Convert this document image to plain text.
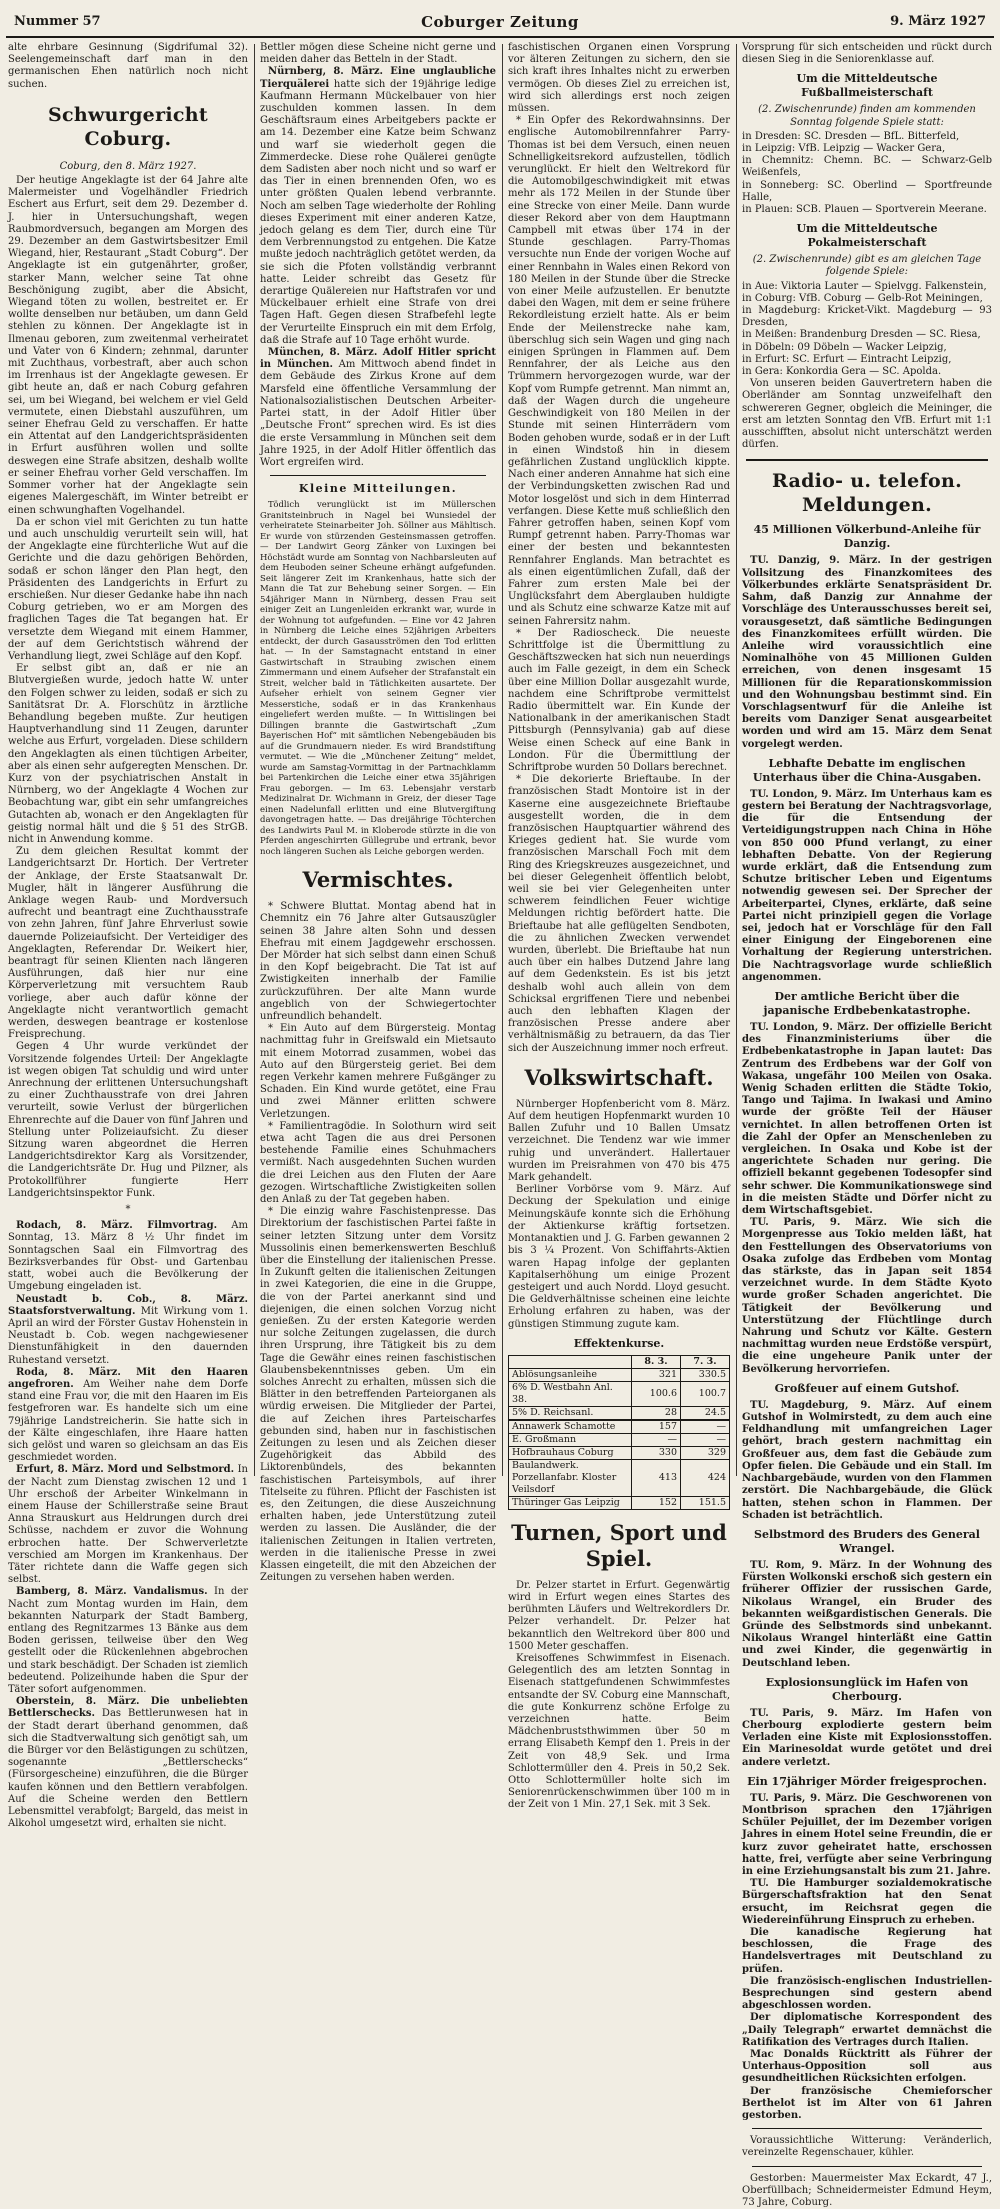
Nummer 57	Coburger Zeitung	9. März 1927

alte ehrbare Gesinnung (Sigdrifumal 32). Seelengemeinschaft darf man in den germanischen Ehen natürlich noch nicht suchen.

Schwurgericht Coburg.
Coburg, den 8. März 1927.

Der heutige Angeklagte ist der 64 Jahre alte Malermeister und Vogelhändler Friedrich Eschert aus Erfurt, seit dem 29. Dezember d. J. hier in Untersuchungshaft, wegen Raubmordversuch, begangen am Morgen des 29. Dezember an dem Gastwirtsbesitzer Emil Wiegand, hier, Restaurant „Stadt Coburg“. Der Angeklagte ist ein gutgenährter, großer, starker Mann, welcher seine Tat ohne Beschönigung zugibt, aber die Absicht, Wiegand töten zu wollen, bestreitet er. Er wollte denselben nur betäuben, um dann Geld stehlen zu können. Der Angeklagte ist in Ilmenau geboren, zum zweitenmal verheiratet und Vater von 6 Kindern; zehnmal, darunter mit Zuchthaus, vorbestraft, aber auch schon im Irrenhaus ist der Angeklagte gewesen. Er gibt heute an, daß er nach Coburg gefahren sei, um bei Wiegand, bei welchem er viel Geld vermutete, einen Diebstahl auszuführen, um seiner Ehefrau Geld zu verschaffen. Er hatte ein Attentat auf den Landgerichtspräsidenten in Erfurt ausführen wollen und sollte deswegen eine Strafe absitzen, deshalb wollte er seiner Ehefrau vorher Geld verschaffen. Im Sommer vorher hat der Angeklagte sein eigenes Malergeschäft, im Winter betreibt er einen schwunghaften Vogelhandel.

Da er schon viel mit Gerichten zu tun hatte und auch unschuldig verurteilt sein will, hat der Angeklagte eine fürchterliche Wut auf die Gerichte und die dazu gehörigen Behörden, sodaß er schon länger den Plan hegt, den Präsidenten des Landgerichts in Erfurt zu erschießen. Nur dieser Gedanke habe ihn nach Coburg getrieben, wo er am Morgen des fraglichen Tages die Tat begangen hat. Er versetzte dem Wiegand mit einem Hammer, der auf dem Gerichtstisch während der Verhandlung liegt, zwei Schläge auf den Kopf.

Er selbst gibt an, daß er nie an Blutvergießen wurde, jedoch hatte W. unter den Folgen schwer zu leiden, sodaß er sich zu Sanitätsrat Dr. A. Florschütz in ärztliche Behandlung begeben mußte. Zur heutigen Hauptverhandlung sind 11 Zeugen, darunter welche aus Erfurt, vorgeladen. Diese schildern den Angeklagten als einen tüchtigen Arbeiter, aber als einen sehr aufgeregten Menschen. Dr. Kurz von der psychiatrischen Anstalt in Nürnberg, wo der Angeklagte 4 Wochen zur Beobachtung war, gibt ein sehr umfangreiches Gutachten ab, wonach er den Angeklagten für geistig normal hält und die § 51 des StrGB. nicht in Anwendung komme.

Zu dem gleichen Resultat kommt der Landgerichtsarzt Dr. Hortich. Der Vertreter der Anklage, der Erste Staatsanwalt Dr. Mugler, hält in längerer Ausführung die Anklage wegen Raub- und Mordversuch aufrecht und beantragt eine Zuchthausstrafe von zehn Jahren, fünf Jahre Ehrverlust sowie dauernde Polizeiaufsicht. Der Verteidiger des Angeklagten, Referendar Dr. Weikert hier, beantragt für seinen Klienten nach längeren Ausführungen, daß hier nur eine Körperverletzung mit versuchtem Raub vorliege, aber auch dafür könne der Angeklagte nicht verantwortlich gemacht werden, deswegen beantrage er kostenlose Freisprechung.

Gegen 4 Uhr wurde verkündet der Vorsitzende folgendes Urteil: Der Angeklagte ist wegen obigen Tat schuldig und wird unter Anrechnung der erlittenen Untersuchungshaft zu einer Zuchthausstrafe von drei Jahren verurteilt, sowie Verlust der bürgerlichen Ehrenrechte auf die Dauer von fünf Jahren und Stellung unter Polizeiaufsicht. Zu dieser Sitzung waren abgeordnet die Herren Landgerichtsdirektor Karg als Vorsitzender, die Landgerichtsräte Dr. Hug und Pilzner, als Protokollführer fungierte Herr Landgerichtsinspektor Funk.

*

Rodach, 8. März. Filmvortrag. Am Sonntag, 13. März 8 ½ Uhr findet im Sonntagschen Saal ein Filmvortrag des Bezirksverbandes für Obst- und Gartenbau statt, wobei auch die Bevölkerung der Umgebung eingeladen ist.

Neustadt b. Cob., 8. März. Staatsforstverwaltung. Mit Wirkung vom 1. April an wird der Förster Gustav Hohenstein in Neustadt b. Cob. wegen nachgewiesener Dienstunfähigkeit in den dauernden Ruhestand versetzt.

Roda, 8. März. Mit den Haaren angefroren. Am Weiher nahe dem Dorfe stand eine Frau vor, die mit den Haaren im Eis festgefroren war. Es handelte sich um eine 79jährige Landstreicherin. Sie hatte sich in der Kälte eingeschlafen, ihre Haare hatten sich gelöst und waren so gleichsam an das Eis geschmiedet worden.

Erfurt, 8. März. Mord und Selbstmord. In der Nacht zum Dienstag zwischen 12 und 1 Uhr erschoß der Arbeiter Winkelmann in einem Hause der Schillerstraße seine Braut Anna Strauskurt aus Heldrungen durch drei Schüsse, nachdem er zuvor die Wohnung erbrochen hatte. Der Schwerverletzte verschied am Morgen im Krankenhaus. Der Täter richtete dann die Waffe gegen sich selbst.

Bamberg, 8. März. Vandalismus. In der Nacht zum Montag wurden im Hain, dem bekannten Naturpark der Stadt Bamberg, entlang des Regnitzarmes 13 Bänke aus dem Boden gerissen, teilweise über den Weg gestellt oder die Rückenlehnen abgebrochen und stark beschädigt. Der Schaden ist ziemlich bedeutend. Polizeihunde haben die Spur der Täter sofort aufgenommen.

Oberstein, 8. März. Die unbeliebten Bettlerschecks. Das Bettlerunwesen hat in der Stadt derart überhand genommen, daß sich die Stadtverwaltung sich genötigt sah, um die Bürger vor den Belästigungen zu schützen, sogenannte „Bettlerschecks“ (Fürsorgescheine) einzuführen, die die Bürger kaufen können und den Bettlern verabfolgen. Auf die Scheine werden den Bettlern Lebensmittel verabfolgt; Bargeld, das meist in Alkohol umgesetzt wird, erhalten sie nicht.

Bettler mögen diese Scheine nicht gerne und meiden daher das Betteln in der Stadt.

Nürnberg, 8. März. Eine unglaubliche Tierquälerei hatte sich der 19jährige ledige Kaufmann Hermann Mückelbauer von hier zuschulden kommen lassen. In dem Geschäftsraum eines Arbeitgebers packte er am 14. Dezember eine Katze beim Schwanz und warf sie wiederholt gegen die Zimmerdecke. Diese rohe Quälerei genügte dem Sadisten aber noch nicht und so warf er das Tier in einen brennenden Ofen, wo es unter größten Qualen lebend verbrannte. Noch am selben Tage wiederholte der Rohling dieses Experiment mit einer anderen Katze, jedoch gelang es dem Tier, durch eine Tür dem Verbrennungstod zu entgehen. Die Katze mußte jedoch nachträglich getötet werden, da sie sich die Pfoten vollständig verbrannt hatte. Leider schreibt das Gesetz für derartige Quälereien nur Haftstrafen vor und Mückelbauer erhielt eine Strafe von drei Tagen Haft. Gegen diesen Strafbefehl legte der Verurteilte Einspruch ein mit dem Erfolg, daß die Strafe auf 10 Tage erhöht wurde.

München, 8. März. Adolf Hitler spricht in München. Am Mittwoch abend findet in dem Gebäude des Zirkus Krone auf dem Marsfeld eine öffentliche Versammlung der Nationalsozialistischen Deutschen Arbeiter-Partei statt, in der Adolf Hitler über „Deutsche Front“ sprechen wird. Es ist dies die erste Versammlung in München seit dem Jahre 1925, in der Adolf Hitler öffentlich das Wort ergreifen wird.

Kleine Mitteilungen.

Tödlich verunglückt ist im Müllerschen Granitsteinbruch in Nagel bei Wunsiedel der verheiratete Steinarbeiter Joh. Söllner aus Mähltisch. Er wurde von stürzenden Gesteinsmassen getroffen. — Der Landwirt Georg Zänker von Luxingen bei Höchstädt wurde am Sonntag von Nachbarsleuten auf dem Heuboden seiner Scheune erhängt aufgefunden. Seit längerer Zeit im Krankenhaus, hatte sich der Mann die Tat zur Behebung seiner Sorgen. — Ein 54jähriger Mann in Nürnberg, dessen Frau seit einiger Zeit an Lungenleiden erkrankt war, wurde in der Wohnung tot aufgefunden. — Eine vor 42 Jahren in Nürnberg die Leiche eines 52jährigen Arbeiters entdeckt, der durch Gasausströmen den Tod erlitten hat. — In der Samstagnacht entstand in einer Gastwirtschaft in Straubing zwischen einem Zimmermann und einem Aufseher der Strafanstalt ein Streit, welcher bald in Tätlichkeiten ausartete. Der Aufseher erhielt von seinem Gegner vier Messerstiche, sodaß er in das Krankenhaus eingeliefert werden mußte. — In Wittislingen bei Dillingen brannte die Gastwirtschaft „Zum Bayerischen Hof“ mit sämtlichen Nebengebäuden bis auf die Grundmauern nieder. Es wird Brandstiftung vermutet. — Wie die „Münchener Zeitung“ meldet, wurde am Samstag-Vormittag in der Partnachklamm bei Partenkirchen die Leiche einer etwa 35jährigen Frau geborgen. — Im 63. Lebensjahr verstarb Medizinalrat Dr. Wichmann in Greiz, der dieser Tage einen Nadelunfall erlitten und eine Blutvergiftung davongetragen hatte. — Das dreijährige Töchterchen des Landwirts Paul M. in Kloberode stürzte in die von Pferden angeschirrten Güllegrube und ertrank, bevor noch längeren Suchen als Leiche geborgen werden.

Vermischtes.

* Schwere Bluttat. Montag abend hat in Chemnitz ein 76 Jahre alter Gutsauszügler seinen 38 Jahre alten Sohn und dessen Ehefrau mit einem Jagdgewehr erschossen. Der Mörder hat sich selbst dann einen Schuß in den Kopf beigebracht. Die Tat ist auf Zwistigkeiten innerhalb der Familie zurückzuführen. Der alte Mann wurde angeblich von der Schwiegertochter unfreundlich behandelt.

* Ein Auto auf dem Bürgersteig. Montag nachmittag fuhr in Greifswald ein Mietsauto mit einem Motorrad zusammen, wobei das Auto auf den Bürgersteig geriet. Bei dem regen Verkehr kamen mehrere Fußgänger zu Schaden. Ein Kind wurde getötet, eine Frau und zwei Männer erlitten schwere Verletzungen.

* Familientragödie. In Solothurn wird seit etwa acht Tagen die aus drei Personen bestehende Familie eines Schuhmachers vermißt. Nach ausgedehnten Suchen wurden die drei Leichen aus den Fluten der Aare gezogen. Wirtschaftliche Zwistigkeiten sollen den Anlaß zu der Tat gegeben haben.

* Die einzig wahre Faschistenpresse. Das Direktorium der faschistischen Partei faßte in seiner letzten Sitzung unter dem Vorsitz Mussolinis einen bemerkenswerten Beschluß über die Einstellung der italienischen Presse. In Zukunft gelten die italienischen Zeitungen in zwei Kategorien, die eine in die Gruppe, die von der Partei anerkannt sind und diejenigen, die einen solchen Vorzug nicht genießen. Zu der ersten Kategorie werden nur solche Zeitungen zugelassen, die durch ihren Ursprung, ihre Tätigkeit bis zu dem Tage die Gewähr eines reinen faschistischen Glaubensbekenntnisses geben. Um ein solches Anrecht zu erhalten, müssen sich die Blätter in den betreffenden Parteiorganen als würdig erweisen. Die Mitglieder der Partei, die auf Zeichen ihres Parteischarfes gebunden sind, haben nur in faschistischen Zeitungen zu lesen und als Zeichen dieser Zugehörigkeit das Abbild des Liktorenbündels, des bekannten faschistischen Parteisymbols, auf ihrer Titelseite zu führen. Pflicht der Faschisten ist es, den Zeitungen, die diese Auszeichnung erhalten haben, jede Unterstützung zuteil werden zu lassen. Die Ausländer, die der italienischen Zeitungen in Italien vertreten, werden in die italienische Presse in zwei Klassen eingeteilt, die mit den Abzeichen der Zeitungen zu versehen haben werden.

faschistischen Organen einen Vorsprung vor älteren Zeitungen zu sichern, den sie sich kraft ihres Inhaltes nicht zu erwerben vermögen. Ob dieses Ziel zu erreichen ist, wird sich allerdings erst noch zeigen müssen.

* Ein Opfer des Rekordwahnsinns. Der englische Automobilrennfahrer Parry-Thomas ist bei dem Versuch, einen neuen Schnelligkeitsrekord aufzustellen, tödlich verunglückt. Er hielt den Weltrekord für die Automobilgeschwindigkeit mit etwas mehr als 172 Meilen in der Stunde über eine Strecke von einer Meile. Dann wurde dieser Rekord aber von dem Hauptmann Campbell mit etwas über 174 in der Stunde geschlagen. Parry-Thomas versuchte nun Ende der vorigen Woche auf einer Rennbahn in Wales einen Rekord von 180 Meilen in der Stunde über die Strecke von einer Meile aufzustellen. Er benutzte dabei den Wagen, mit dem er seine frühere Rekordleistung erzielt hatte. Als er beim Ende der Meilenstrecke nahe kam, überschlug sich sein Wagen und ging nach einigen Sprüngen in Flammen auf. Dem Rennfahrer, der als Leiche aus den Trümmern hervorgezogen wurde, war der Kopf vom Rumpfe getrennt. Man nimmt an, daß der Wagen durch die ungeheure Geschwindigkeit von 180 Meilen in der Stunde mit seinen Hinterrädern vom Boden gehoben wurde, sodaß er in der Luft in einen Windstoß hin in diesem gefährlichen Zustand unglücklich kippte. Nach einer anderen Annahme hat sich eine der Verbindungsketten zwischen Rad und Motor losgelöst und sich in dem Hinterrad verfangen. Diese Kette muß schließlich den Fahrer getroffen haben, seinen Kopf vom Rumpf getrennt haben. Parry-Thomas war einer der besten und bekanntesten Rennfahrer Englands. Man betrachtet es als einen eigentümlichen Zufall, daß der Fahrer zum ersten Male bei der Unglücksfahrt dem Aberglauben huldigte und als Schutz eine schwarze Katze mit auf seinen Fahrersitz nahm.

* Der Radioscheck. Die neueste Schrittfolge ist die Übermittlung zu Geschäftszwecken hat sich nun neuerdings auch im Falle gezeigt, in dem ein Scheck über eine Million Dollar ausgezahlt wurde, nachdem eine Schriftprobe vermittelst Radio übermittelt war. Ein Kunde der Nationalbank in der amerikanischen Stadt Pittsburgh (Pennsylvania) gab auf diese Weise einen Scheck auf eine Bank in London. Für die Übermittlung der Schriftprobe wurden 50 Dollars berechnet.

* Die dekorierte Brieftaube. In der französischen Stadt Montoire ist in der Kaserne eine ausgezeichnete Brieftaube ausgestellt worden, die in dem französischen Hauptquartier während des Krieges gedient hat. Sie wurde vom französischen Marschall Foch mit dem Ring des Kriegskreuzes ausgezeichnet, und bei dieser Gelegenheit öffentlich belobt, weil sie bei vier Gelegenheiten unter schwerem feindlichen Feuer wichtige Meldungen richtig befördert hatte. Die Brieftaube hat alle geflügelten Sendboten, die zu ähnlichen Zwecken verwendet wurden, überlebt. Die Brieftaube hat nun auch über ein halbes Dutzend Jahre lang auf dem Gedenkstein. Es ist bis jetzt deshalb wohl auch allein von dem Schicksal ergriffenen Tiere und nebenbei auch den lebhaften Klagen der französischen Presse andere aber verhältnismäßig zu betrauern, da das Tier sich der Auszeichnung immer noch erfreut.

Volkswirtschaft.

Nürnberger Hopfenbericht vom 8. März. Auf dem heutigen Hopfenmarkt wurden 10 Ballen Zufuhr und 10 Ballen Umsatz verzeichnet. Die Tendenz war wie immer ruhig und unverändert. Hallertauer wurden im Preisrahmen von 470 bis 475 Mark gehandelt.

Berliner Vorbörse vom 9. März. Auf Deckung der Spekulation und einige Meinungskäufe konnte sich die Erhöhung der Aktienkurse kräftig fortsetzen. Montanaktien und J. G. Farben gewannen 2 bis 3 ¼ Prozent. Von Schiffahrts-Aktien waren Hapag infolge der geplanten Kapitalserhöhung um einige Prozent gesteigert und auch Nordd. Lloyd gesucht. Die Geldverhältnisse scheinen eine leichte Erholung erfahren zu haben, was der günstigen Stimmung zugute kam.

Effektenkurse.
	8. 3.	7. 3.
Ablösungsanleihe	321	330.5
6% D. Westbahn Anl. 38.	100.6	100.7
5% D. Reichsanl.	28	24.5

Annawerk Schamotte	157	—
E. Großmann	—	—
Hofbrauhaus Coburg	330	329
Baulandwerk. Porzellanfabr. Kloster Veilsdorf	413	424
Thüringer Gas Leipzig	152	151.5
Turnen, Sport und Spiel.

Dr. Pelzer startet in Erfurt. Gegenwärtig wird in Erfurt wegen eines Startes des berühmten Läufers und Weltrekordlers Dr. Pelzer verhandelt. Dr. Pelzer hat bekanntlich den Weltrekord über 800 und 1500 Meter geschaffen.

Kreisoffenes Schwimmfest in Eisenach. Gelegentlich des am letzten Sonntag in Eisenach stattgefundenen Schwimmfestes entsandte der SV. Coburg eine Mannschaft, die gute Konkurrenz schöne Erfolge zu verzeichnen hatte. Beim Mädchenbruststhwimmen über 50 m errang Elisabeth Kempf den 1. Preis in der Zeit von 48,9 Sek. und Irma Schlottermüller den 4. Preis in 50,2 Sek. Otto Schlottermüller holte sich im Seniorenrückenschwimmen über 100 m in der Zeit von 1 Min. 27,1 Sek. mit 3 Sek.

Vorsprung für sich entscheiden und rückt durch diesen Sieg in die Seniorenklasse auf.

Um die Mitteldeutsche Fußballmeisterschaft
(2. Zwischenrunde) finden am kommenden Sonntag folgende Spiele statt:

in Dresden: SC. Dresden — BfL. Bitterfeld,
in Leipzig: VfB. Leipzig — Wacker Gera,
in Chemnitz: Chemn. BC. — Schwarz-Gelb Weißenfels,
in Sonneberg: SC. Oberlind — Sportfreunde Halle,
in Plauen: SCB. Plauen — Sportverein Meerane.

Um die Mitteldeutsche Pokalmeisterschaft
(2. Zwischenrunde) gibt es am gleichen Tage folgende Spiele:

in Aue: Viktoria Lauter — Spielvgg. Falkenstein,
in Coburg: VfB. Coburg — Gelb-Rot Meiningen,
in Magdeburg: Kricket-Vikt. Magdeburg — 93 Dresden,
in Meißen: Brandenburg Dresden — SC. Riesa,
in Döbeln: 09 Döbeln — Wacker Leipzig,
in Erfurt: SC. Erfurt — Eintracht Leipzig,
in Gera: Konkordia Gera — SC. Apolda.

Von unseren beiden Gauvertretern haben die Oberländer am Sonntag unzweifelhaft den schwereren Gegner, obgleich die Meininger, die erst am letzten Sonntag den VfB. Erfurt mit 1:1 ausschifften, absolut nicht unterschätzt werden dürfen.

Radio- u. telefon. Meldungen.
45 Millionen Völkerbund-Anleihe für Danzig.

TU. Danzig, 9. März. In der gestrigen Vollsitzung des Finanzkomitees des Völkerbundes erklärte Senatspräsident Dr. Sahm, daß Danzig zur Annahme der Vorschläge des Unterausschusses bereit sei, vorausgesetzt, daß sämtliche Bedingungen des Finanzkomitees erfüllt würden. Die Anleihe wird voraussichtlich eine Nominalhöhe von 45 Millionen Gulden erreichen, von denen insgesamt 15 Millionen für die Reparationskommission und den Wohnungsbau bestimmt sind. Ein Vorschlagsentwurf für die Anleihe ist bereits vom Danziger Senat ausgearbeitet worden und wird am 15. März dem Senat vorgelegt werden.

Lebhafte Debatte im englischen Unterhaus über die China-Ausgaben.

TU. London, 9. März. Im Unterhaus kam es gestern bei Beratung der Nachtragsvorlage, die für die Entsendung der Verteidigungstruppen nach China in Höhe von 850 000 Pfund verlangt, zu einer lebhaften Debatte. Von der Regierung wurde erklärt, daß die Entsendung zum Schutze britischer Leben und Eigentums notwendig gewesen sei. Der Sprecher der Arbeiterpartei, Clynes, erklärte, daß seine Partei nicht prinzipiell gegen die Vorlage sei, jedoch hat er Vorschläge für den Fall einer Einigung der Eingeborenen eine Vorhaltung der Regierung unterstrichen. Die Nachtragsvorlage wurde schließlich angenommen.

Der amtliche Bericht über die japanische Erdbebenkatastrophe.

TU. London, 9. März. Der offizielle Bericht des Finanzministeriums über die Erdbebenkatastrophe in Japan lautet: Das Zentrum des Erdbebens war der Golf von Wakasa, ungefähr 100 Meilen von Osaka. Wenig Schaden erlitten die Städte Tokio, Tango und Tajima. In Iwakasi und Amino wurde der größte Teil der Häuser vernichtet. In allen betroffenen Orten ist die Zahl der Opfer an Menschenleben zu vergleichen. In Osaka und Kobe ist der angerichtete Schaden nur gering. Die offiziell bekannt gegebenen Todesopfer sind sehr schwer. Die Kommunikationswege sind in die meisten Städte und Dörfer nicht zu dem Wirtschaftsgebiet.

TU. Paris, 9. März. Wie sich die Morgenpresse aus Tokio melden läßt, hat den Festtellungen des Observatoriums von Osaka zufolge das Erdbeben vom Montag das stärkste, das in Japan seit 1854 verzeichnet wurde. In dem Städte Kyoto wurde großer Schaden angerichtet. Die Tätigkeit der Bevölkerung und Unterstützung der Flüchtlinge durch Nahrung und Schutz vor Kälte. Gestern nachmittag wurden neue Erdstöße verspürt, die eine ungeheure Panik unter der Bevölkerung hervorriefen.

Großfeuer auf einem Gutshof.

TU. Magdeburg, 9. März. Auf einem Gutshof in Wolmirstedt, zu dem auch eine Feldhandlung mit umfangreichen Lager gehört, brach gestern nachmittag ein Großfeuer aus, dem fast die Gebäude zum Opfer fielen. Die Gebäude und ein Stall. Im Nachbargebäude, wurden von den Flammen zerstört. Die Nachbargebäude, die Glück hatten, stehen schon in Flammen. Der Schaden ist beträchtlich.

Selbstmord des Bruders des General Wrangel.

TU. Rom, 9. März. In der Wohnung des Fürsten Wolkonski erschoß sich gestern ein früherer Offizier der russischen Garde, Nikolaus Wrangel, ein Bruder des bekannten weißgardistischen Generals. Die Gründe des Selbstmords sind unbekannt. Nikolaus Wrangel hinterläßt eine Gattin und zwei Kinder, die gegenwärtig in Deutschland leben.

Explosionsunglück im Hafen von Cherbourg.

TU. Paris, 9. März. Im Hafen von Cherbourg explodierte gestern beim Verladen eine Kiste mit Explosionsstoffen. Ein Marinesoldat wurde getötet und drei andere verletzt.

Ein 17jähriger Mörder freigesprochen.

TU. Paris, 9. März. Die Geschworenen von Montbrison sprachen den 17jährigen Schüler Pejuillet, der im Dezember vorigen Jahres in einem Hotel seine Freundin, die er kurz zuvor geheiratet hatte, erschossen hatte, frei, verfügte aber seine Verbringung in eine Erziehungsanstalt bis zum 21. Jahre.

TU. Die Hamburger sozialdemokratische Bürgerschaftsfraktion hat den Senat ersucht, im Reichsrat gegen die Wiedereinführung Einspruch zu erheben.

Die kanadische Regierung hat beschlossen, die Frage des Handelsvertrages mit Deutschland zu prüfen.

Die französisch-englischen Industriellen-Besprechungen sind gestern abend abgeschlossen worden.

Der diplomatische Korrespondent des „Daily Telegraph“ erwartet demnächst die Ratifikation des Vertrages durch Italien.

Mac Donalds Rücktritt als Führer der Unterhaus-Opposition soll aus gesundheitlichen Rücksichten erfolgen.

Der französische Chemieforscher Berthelot ist im Alter von 61 Jahren gestorben.

Voraussichtliche Witterung: Veränderlich, vereinzelte Regenschauer, kühler.

Gestorben: Mauermeister Max Eckardt, 47 J., Oberfüllbach; Schneidermeister Edmund Heym, 73 Jahre, Coburg.
